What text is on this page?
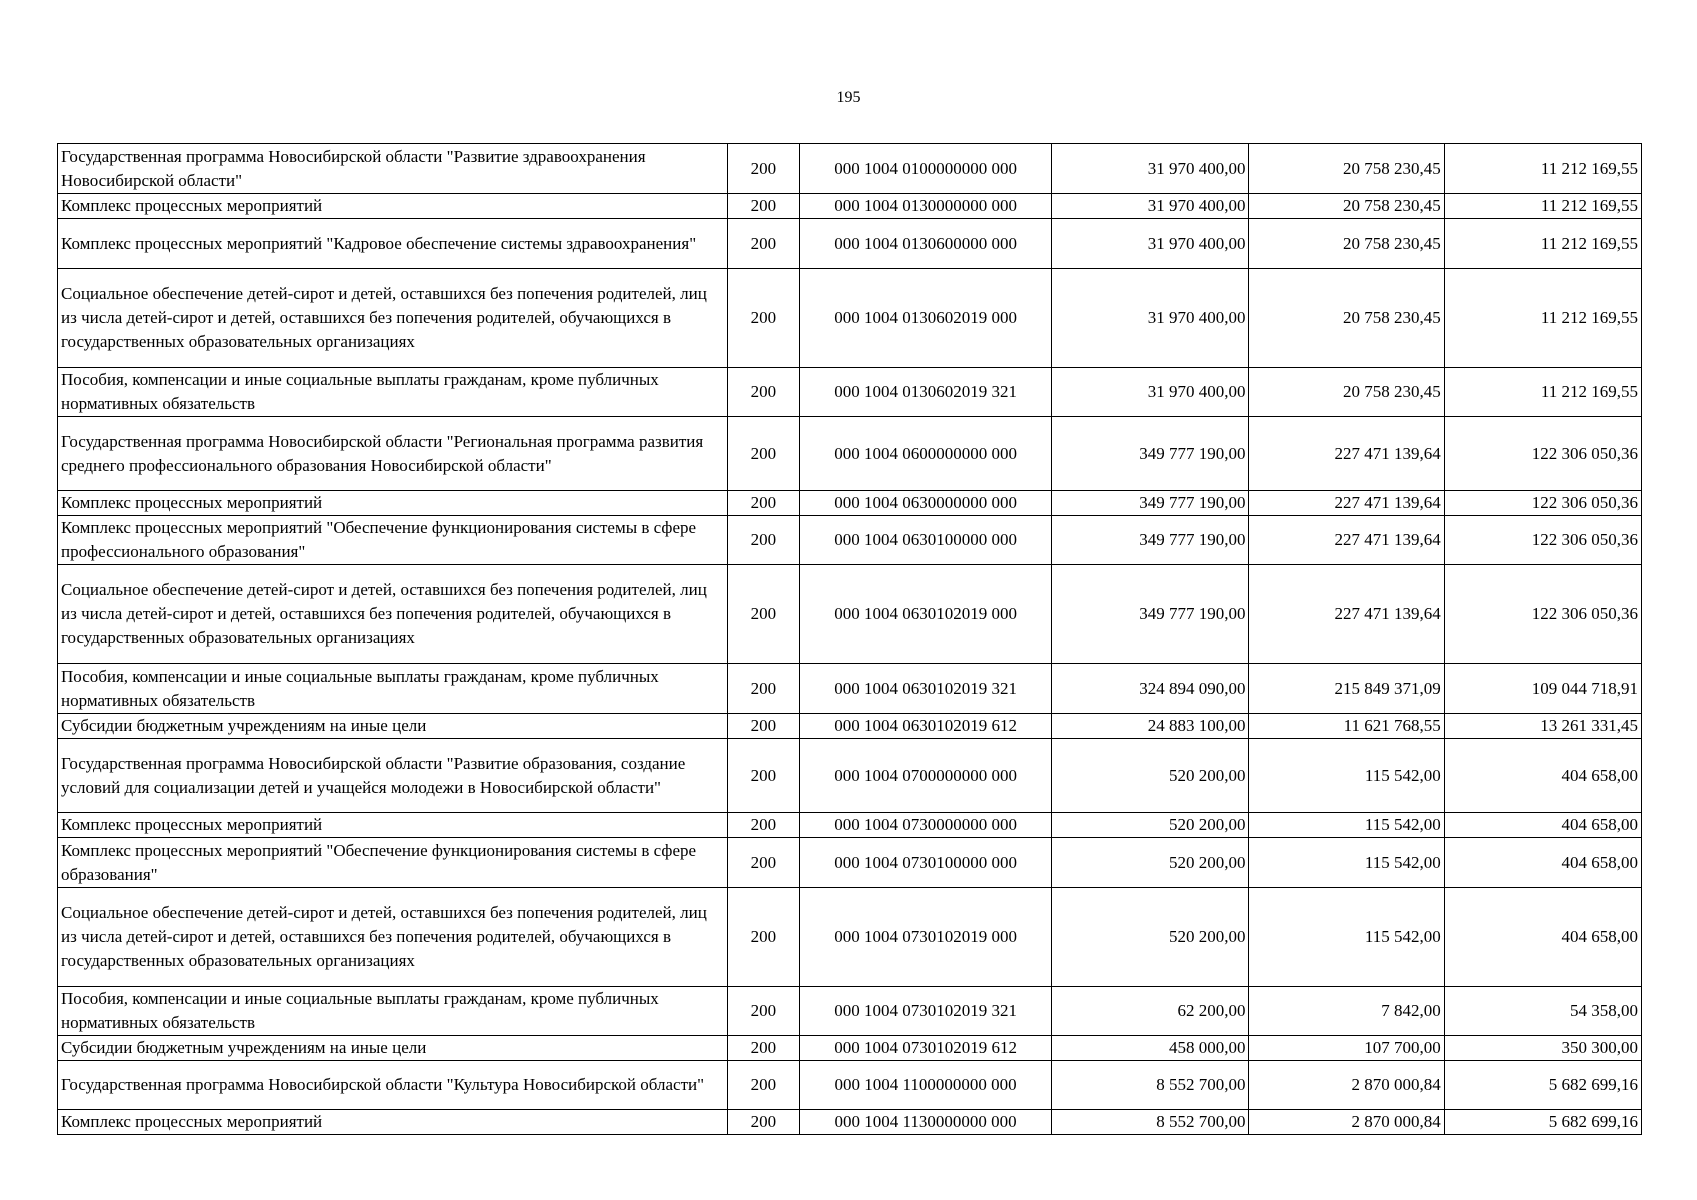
195
Государственная программа Новосибирской области "Развитие здравоохранения Новосибирской области"	200	000 1004 0100000000 000	31 970 400,00	20 758 230,45	11 212 169,55
Комплекс процессных мероприятий	200	000 1004 0130000000 000	31 970 400,00	20 758 230,45	11 212 169,55
Комплекс процессных мероприятий "Кадровое обеспечение системы здравоохранения"	200	000 1004 0130600000 000	31 970 400,00	20 758 230,45	11 212 169,55
Социальное обеспечение детей-сирот и детей, оставшихся без попечения родителей, лиц из числа детей-сирот и детей, оставшихся без попечения родителей, обучающихся в государственных образовательных организациях	200	000 1004 0130602019 000	31 970 400,00	20 758 230,45	11 212 169,55
Пособия, компенсации и иные социальные выплаты гражданам, кроме публичных нормативных обязательств	200	000 1004 0130602019 321	31 970 400,00	20 758 230,45	11 212 169,55
Государственная программа Новосибирской области "Региональная программа развития среднего профессионального образования Новосибирской области"	200	000 1004 0600000000 000	349 777 190,00	227 471 139,64	122 306 050,36
Комплекс процессных мероприятий	200	000 1004 0630000000 000	349 777 190,00	227 471 139,64	122 306 050,36
Комплекс процессных мероприятий "Обеспечение функционирования системы в сфере профессионального образования"	200	000 1004 0630100000 000	349 777 190,00	227 471 139,64	122 306 050,36
Социальное обеспечение детей-сирот и детей, оставшихся без попечения родителей, лиц из числа детей-сирот и детей, оставшихся без попечения родителей, обучающихся в государственных образовательных организациях	200	000 1004 0630102019 000	349 777 190,00	227 471 139,64	122 306 050,36
Пособия, компенсации и иные социальные выплаты гражданам, кроме публичных нормативных обязательств	200	000 1004 0630102019 321	324 894 090,00	215 849 371,09	109 044 718,91
Субсидии бюджетным учреждениям на иные цели	200	000 1004 0630102019 612	24 883 100,00	11 621 768,55	13 261 331,45
Государственная программа Новосибирской области "Развитие образования, создание условий для социализации детей и учащейся молодежи в Новосибирской области"	200	000 1004 0700000000 000	520 200,00	115 542,00	404 658,00
Комплекс процессных мероприятий	200	000 1004 0730000000 000	520 200,00	115 542,00	404 658,00
Комплекс процессных мероприятий "Обеспечение функционирования системы в сфере образования"	200	000 1004 0730100000 000	520 200,00	115 542,00	404 658,00
Социальное обеспечение детей-сирот и детей, оставшихся без попечения родителей, лиц из числа детей-сирот и детей, оставшихся без попечения родителей, обучающихся в государственных образовательных организациях	200	000 1004 0730102019 000	520 200,00	115 542,00	404 658,00
Пособия, компенсации и иные социальные выплаты гражданам, кроме публичных нормативных обязательств	200	000 1004 0730102019 321	62 200,00	7 842,00	54 358,00
Субсидии бюджетным учреждениям на иные цели	200	000 1004 0730102019 612	458 000,00	107 700,00	350 300,00
Государственная программа Новосибирской области "Культура Новосибирской области"	200	000 1004 1100000000 000	8 552 700,00	2 870 000,84	5 682 699,16
Комплекс процессных мероприятий	200	000 1004 1130000000 000	8 552 700,00	2 870 000,84	5 682 699,16
